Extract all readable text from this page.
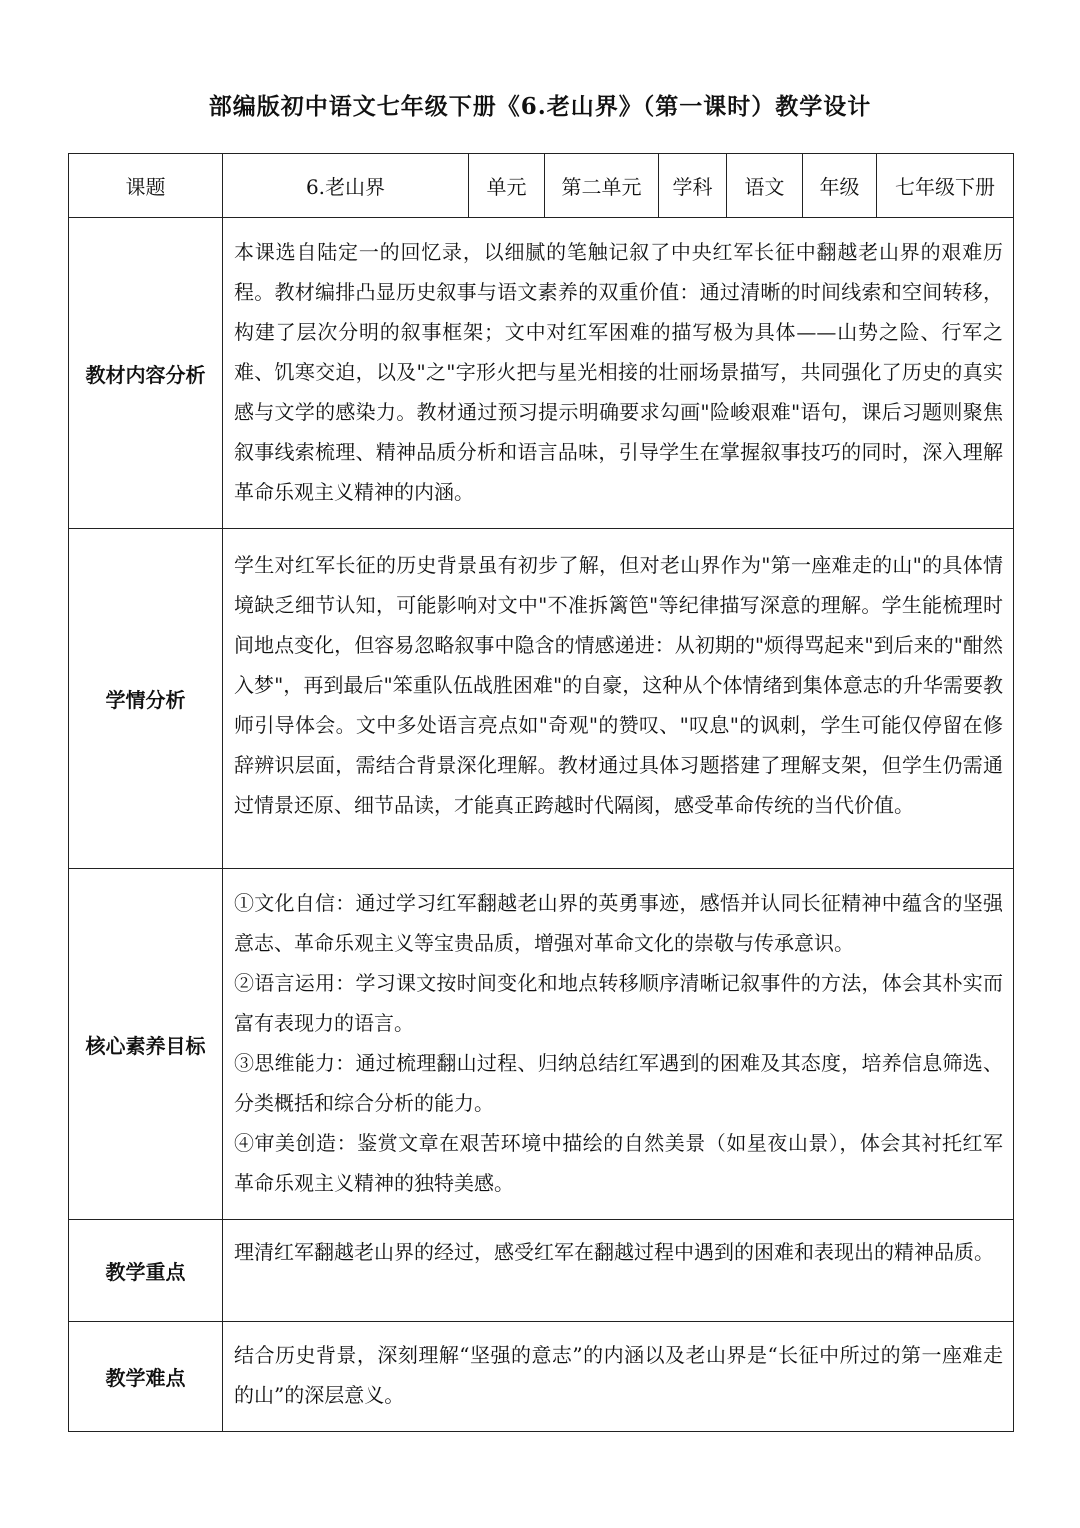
部编版初中语文七年级下册《6.老山界》（第一课时）教学设计
课题	6.老山界	单元	第二单元	学科	语文	年级	七年级下册
教材内容分析	本课选自陆定一的回忆录，以细腻的笔触记叙了中央红军长征中翻越老山界的艰难历程。教材编排凸显历史叙事与语文素养的双重价值：通过清晰的时间线索和空间转移，构建了层次分明的叙事框架；文中对红军困难的描写极为具体——山势之险、行军之难、饥寒交迫，以及"之"字形火把与星光相接的壮丽场景描写，共同强化了历史的真实感与文学的感染力。教材通过预习提示明确要求勾画"险峻艰难"语句，课后习题则聚焦叙事线索梳理、精神品质分析和语言品味，引导学生在掌握叙事技巧的同时，深入理解革命乐观主义精神的内涵。						
学情分析	学生对红军长征的历史背景虽有初步了解，但对老山界作为"第一座难走的山"的具体情境缺乏细节认知，可能影响对文中"不准拆篱笆"等纪律描写深意的理解。学生能梳理时间地点变化，但容易忽略叙事中隐含的情感递进：从初期的"烦得骂起来"到后来的"酣然入梦"，再到最后"笨重队伍战胜困难"的自豪，这种从个体情绪到集体意志的升华需要教师引导体会。文中多处语言亮点如"奇观"的赞叹、"叹息"的讽刺，学生可能仅停留在修辞辨识层面，需结合背景深化理解。教材通过具体习题搭建了理解支架，但学生仍需通过情景还原、细节品读，才能真正跨越时代隔阂，感受革命传统的当代价值。						
核心素养目标	①文化自信：通过学习红军翻越老山界的英勇事迹，感悟并认同长征精神中蕴含的坚强意志、革命乐观主义等宝贵品质，增强对革命文化的崇敬与传承意识。

②语言运用：学习课文按时间变化和地点转移顺序清晰记叙事件的方法，体会其朴实而富有表现力的语言。

③思维能力：通过梳理翻山过程、归纳总结红军遇到的困难及其态度，培养信息筛选、分类概括和综合分析的能力。

④审美创造：鉴赏文章在艰苦环境中描绘的自然美景（如星夜山景），体会其衬托红军革命乐观主义精神的独特美感。						

教学重点	理清红军翻越老山界的经过，感受红军在翻越过程中遇到的困难和表现出的精神品质。						
教学难点	结合历史背景，深刻理解“坚强的意志”的内涵以及老山界是“长征中所过的第一座难走的山”的深层意义。						
